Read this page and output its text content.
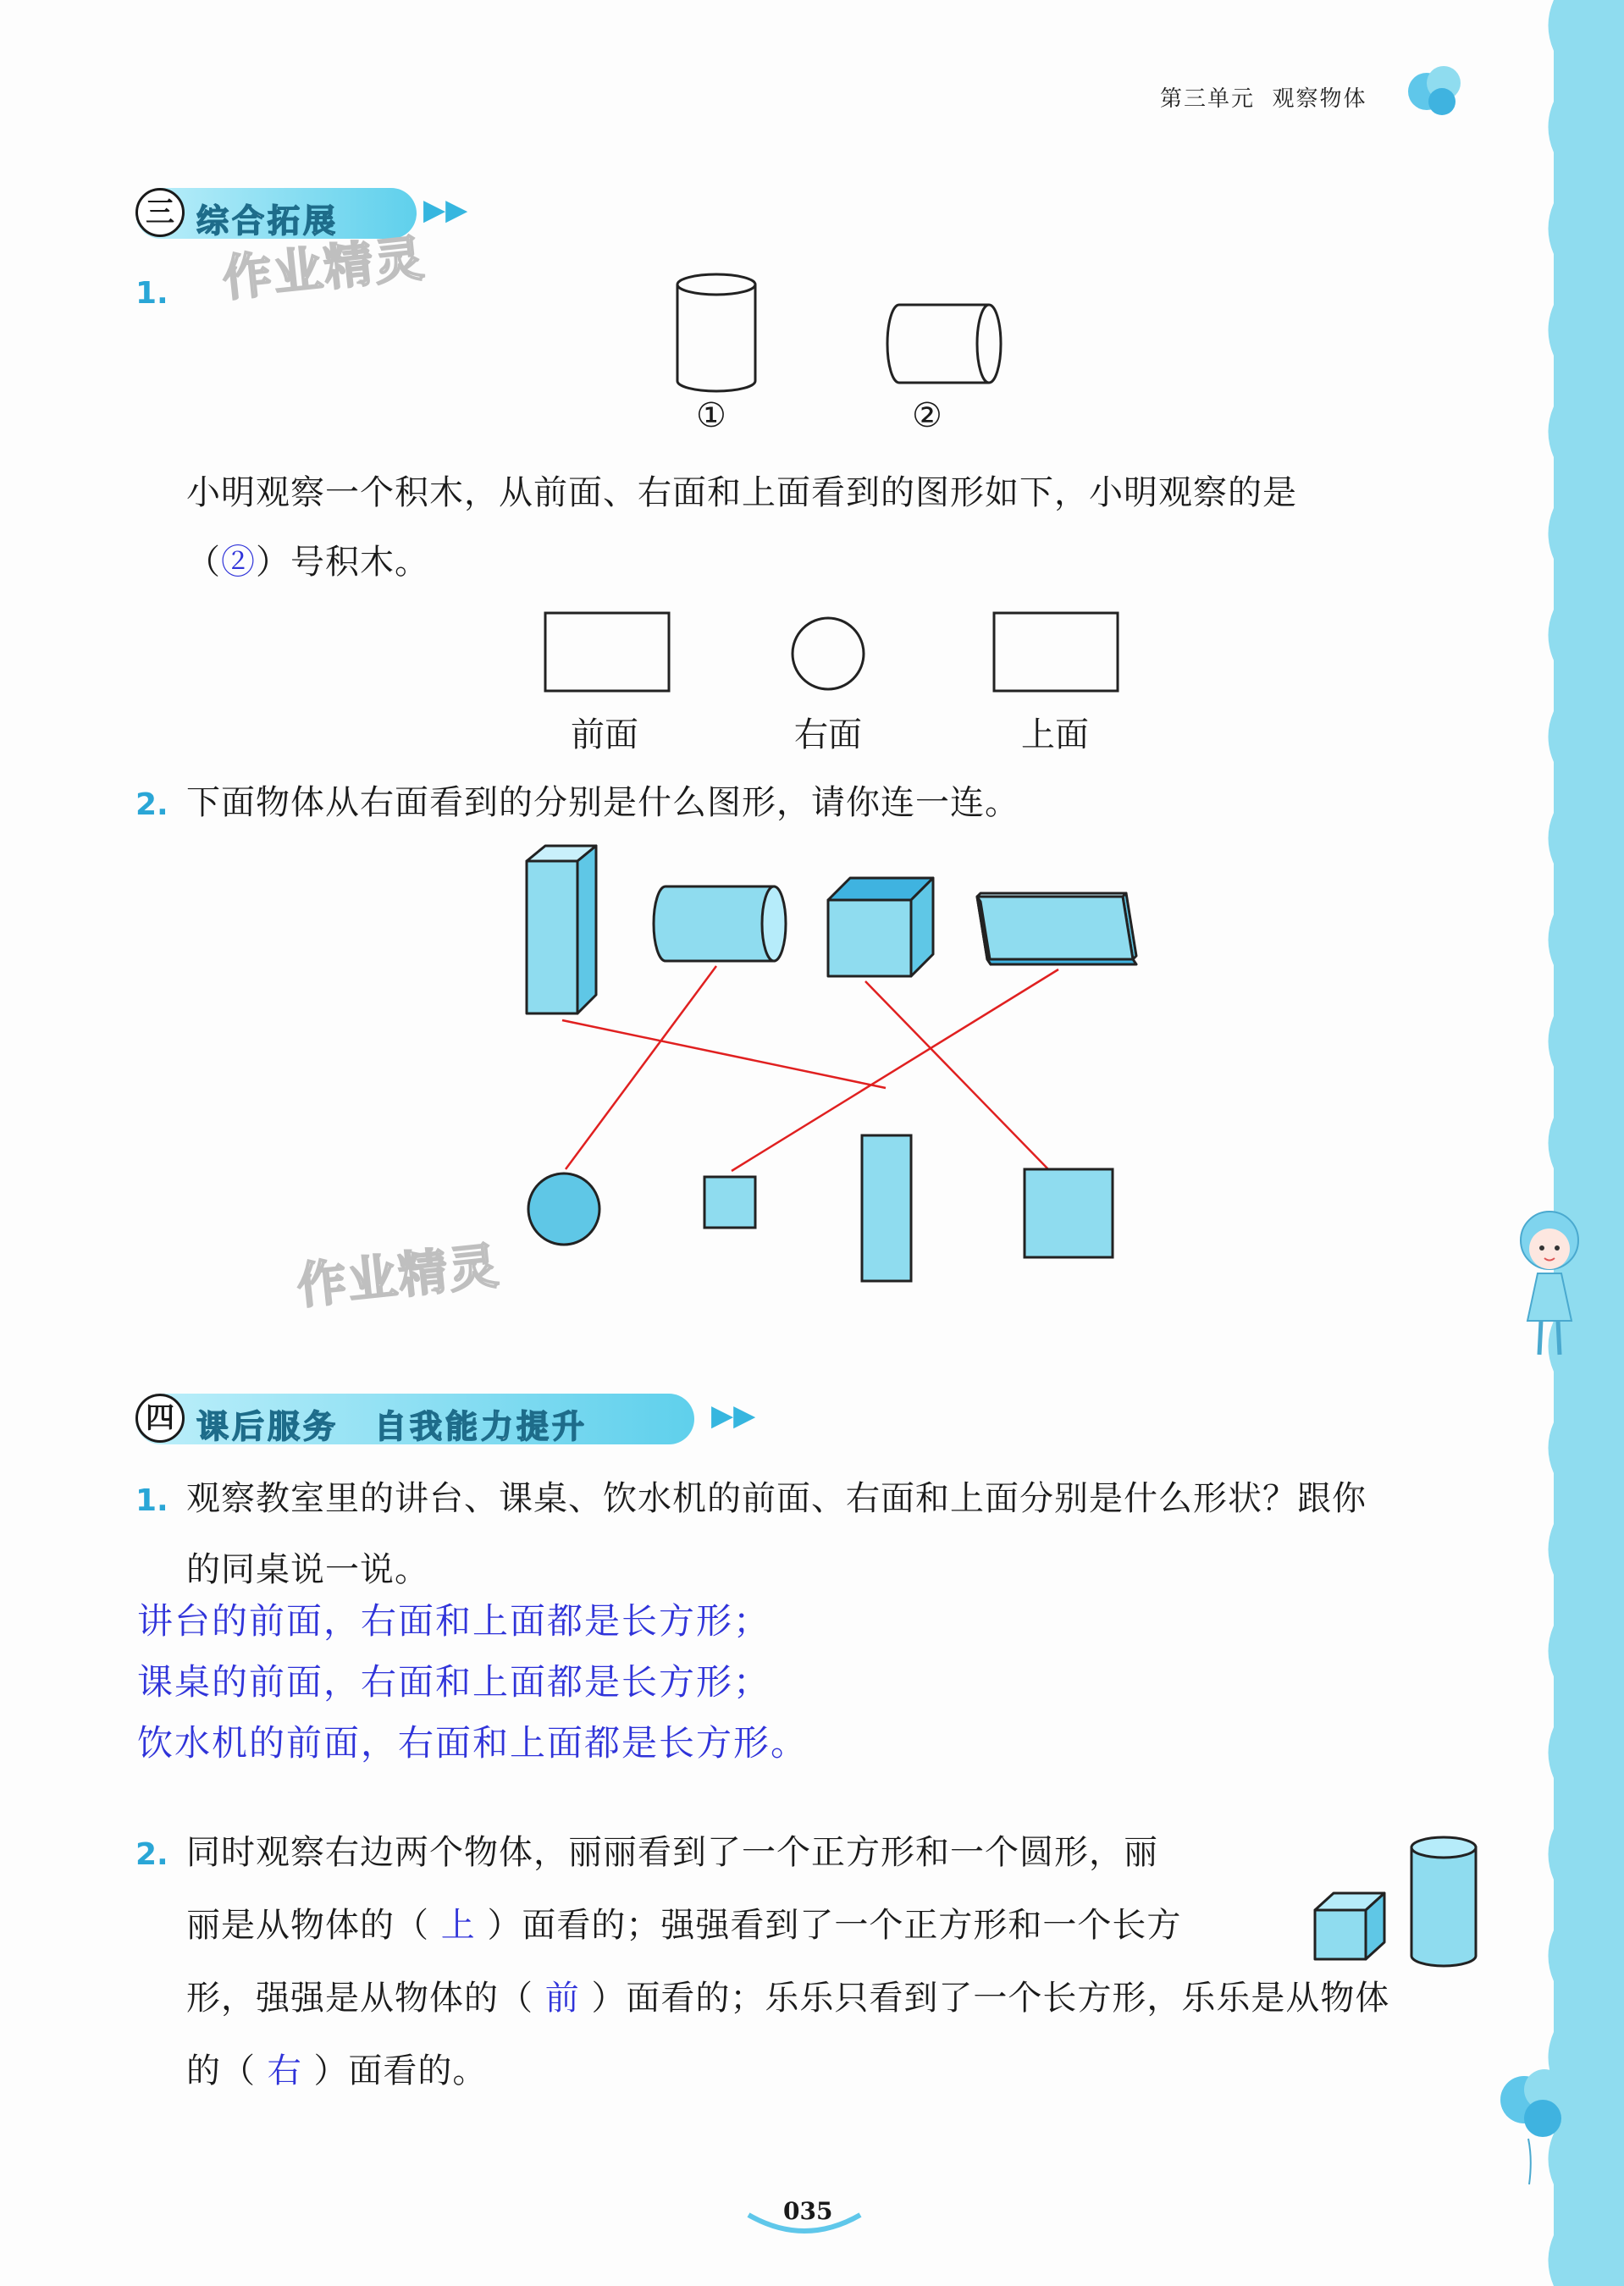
第三单元 观察物体
三 综合拓展	▶▶
作业精灵
1.
①	②
小明观察一个积木，从前面、右面和上面看到的图形如下，小明观察的是
（②）号积木。
前面	右面	上面
2. 下面物体从右面看到的分别是什么图形，请你连一连。
作业精灵
四 课后服务　自我能力提升	▶▶
1. 观察教室里的讲台、课桌、饮水机的前面、右面和上面分别是什么形状？跟你
的同桌说一说。
讲台的前面，右面和上面都是长方形；
课桌的前面，右面和上面都是长方形；
饮水机的前面，右面和上面都是长方形。
2. 同时观察右边两个物体，丽丽看到了一个正方形和一个圆形，丽
丽是从物体的（ 上 ）面看的；强强看到了一个正方形和一个长方
形，强强是从物体的（ 前 ）面看的；乐乐只看到了一个长方形，乐乐是从物体
的（ 右 ）面看的。
035
